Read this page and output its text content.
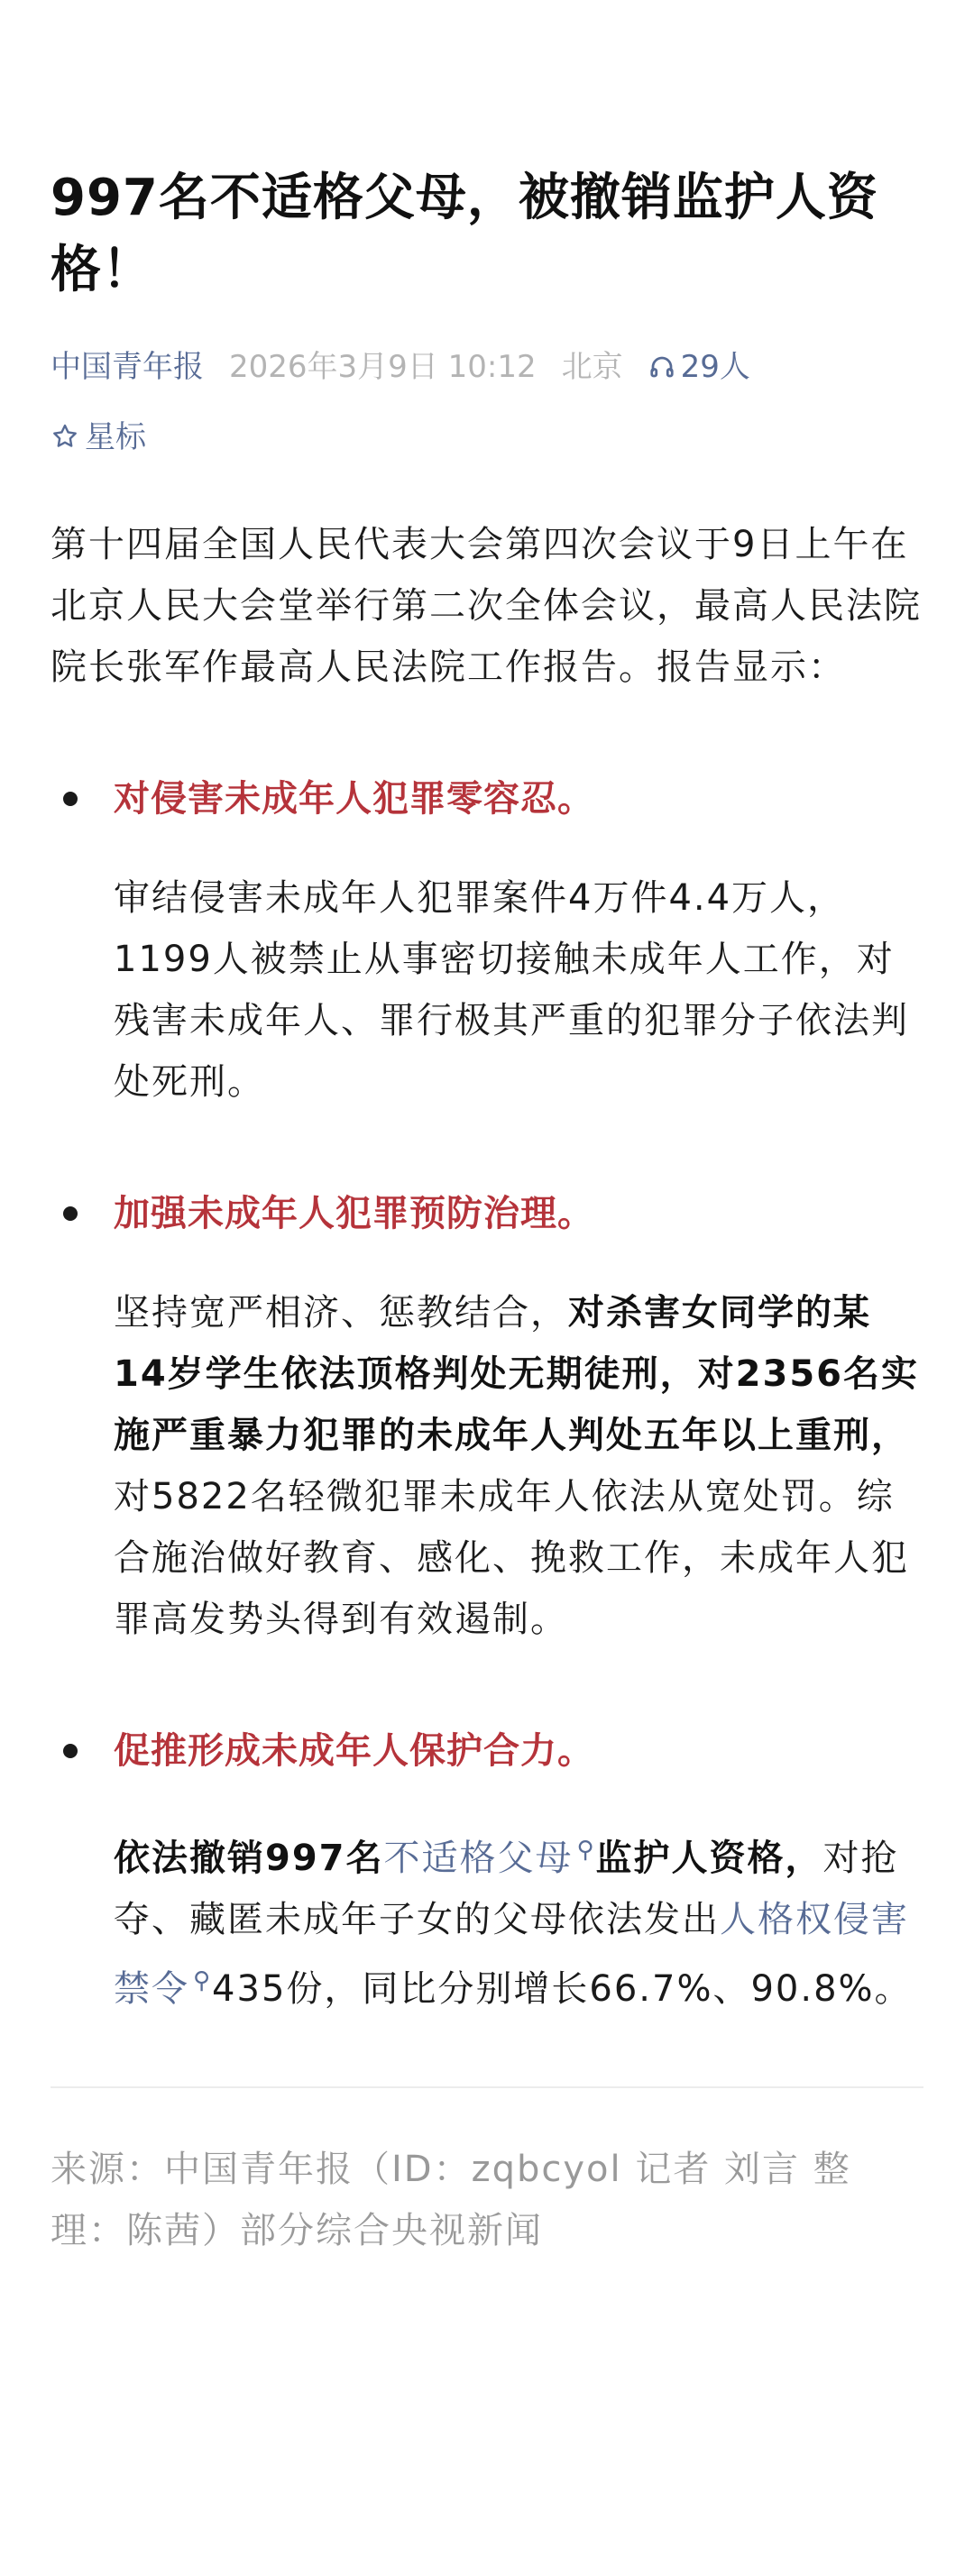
997名不适格父母，被撤销监护人资格！
中国青年报 2026年3月9日 10:12 北京 29人
星标

第十四届全国人民代表大会第四次会议于9日上午在北京人民大会堂举行第二次全体会议，最高人民法院院长张军作最高人民法院工作报告。报告显示：

对侵害未成年人犯罪零容忍。

审结侵害未成年人犯罪案件4万件4.4万人，1199人被禁止从事密切接触未成年人工作，对残害未成年人、罪行极其严重的犯罪分子依法判处死刑。

加强未成年人犯罪预防治理。

坚持宽严相济、惩教结合，对杀害女同学的某14岁学生依法顶格判处无期徒刑，对2356名实施严重暴力犯罪的未成年人判处五年以上重刑，对5822名轻微犯罪未成年人依法从宽处罚。综合施治做好教育、感化、挽救工作，未成年人犯罪高发势头得到有效遏制。

促推形成未成年人保护合力。

依法撤销997名不适格父母 ⚲监护人资格，对抢夺、藏匿未成年子女的父母依法发出人格权侵害禁令 ⚲435份，同比分别增长66.7%、90.8%。

来源：中国青年报（ID：zqbcyol 记者 刘言 整理：陈茜）部分综合央视新闻
